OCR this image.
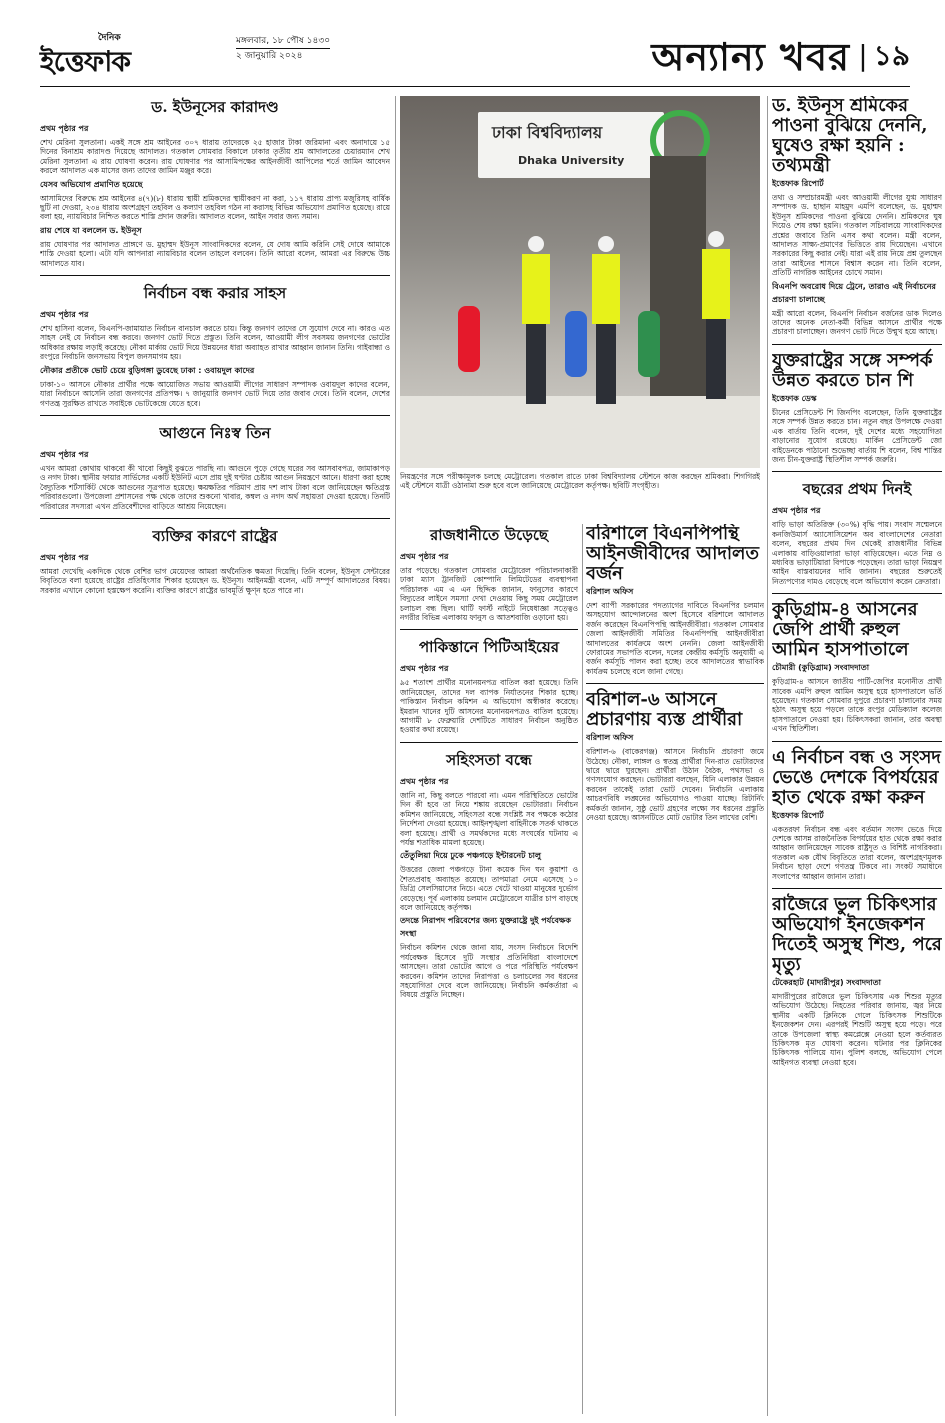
দৈনিক
ইত্তেফাক
মঙ্গলবার, ১৮ পৌষ ১৪৩০
২ জানুয়ারি ২০২৪	অন্যান্য খবর
| ১৯
ড. ইউনূসের কারাদণ্ড
প্রথম পৃষ্ঠার পর

শেখ মেরিনা সুলতানা। একই সঙ্গে শ্রম আইনের ৩০৭ ধারায় তাদেরকে ২৫ হাজার টাকা জরিমানা এবং অনাদায়ে ১৫ দিনের বিনাশ্রম কারাদণ্ড দিয়েছে আদালত। গতকাল সোমবার বিকালে ঢাকার তৃতীয় শ্রম আদালতের চেয়ারম্যান শেখ মেরিনা সুলতানা এ রায় ঘোষণা করেন। রায় ঘোষণার পর আসামিপক্ষের আইনজীবী আপিলের শর্তে জামিন আবেদন করলে আদালত এক মাসের জন্য তাদের জামিন মঞ্জুর করে।

যেসব অভিযোগ প্রমাণিত হয়েছে

আসামিদের বিরুদ্ধে শ্রম আইনের ৪(৭)(৮) ধারায় স্থায়ী শ্রমিকদের স্থায়ীকরণ না করা, ১১৭ ধারায় প্রাপ্য মজুরিসহ বার্ষিক ছুটি না দেওয়া, ২৩৪ ধারায় অংশগ্রহণ তহবিল ও কল্যাণ তহবিল গঠন না করাসহ বিভিন্ন অভিযোগ প্রমাণিত হয়েছে। রায়ে বলা হয়, ন্যায়বিচার নিশ্চিত করতে শাস্তি প্রদান জরুরি। আদালত বলেন, আইন সবার জন্য সমান।

রায় শেষে যা বললেন ড. ইউনূস

রায় ঘোষণার পর আদালত প্রাঙ্গণে ড. মুহাম্মদ ইউনূস সাংবাদিকদের বলেন, যে দোষ আমি করিনি সেই দোষে আমাকে শাস্তি দেওয়া হলো। এটা যদি আপনারা ন্যায়বিচার বলেন তাহলে বলবেন। তিনি আরো বলেন, আমরা এর বিরুদ্ধে উচ্চ আদালতে যাব।

নির্বাচন বন্ধ করার সাহস
প্রথম পৃষ্ঠার পর

শেখ হাসিনা বলেন, বিএনপি-জামায়াত নির্বাচন বানচাল করতে চায়। কিন্তু জনগণ তাদের সে সুযোগ দেবে না। কারও এত সাহস নেই যে নির্বাচন বন্ধ করবে। জনগণ ভোট দিতে প্রস্তুত। তিনি বলেন, আওয়ামী লীগ সবসময় জনগণের ভোটের অধিকার রক্ষায় লড়াই করেছে। নৌকা মার্কায় ভোট দিয়ে উন্নয়নের ধারা অব্যাহত রাখার আহ্বান জানান তিনি। গাইবান্ধা ও রংপুরে নির্বাচনি জনসভায় বিপুল জনসমাগম হয়।

নৌকার প্রতীকে ভোট চেয়ে বুড়িগঙ্গা ডুবেছে ঢাকা : ওবায়দুল কাদের

ঢাকা-১০ আসনে নৌকার প্রার্থীর পক্ষে আয়োজিত সভায় আওয়ামী লীগের সাধারণ সম্পাদক ওবায়দুল কাদের বলেন, যারা নির্বাচনে আসেনি তারা জনগণের প্রতিপক্ষ। ৭ জানুয়ারি জনগণ ভোট দিয়ে তার জবাব দেবে। তিনি বলেন, দেশের গণতন্ত্র সুরক্ষিত রাখতে সবাইকে ভোটকেন্দ্রে যেতে হবে।

আগুনে নিঃস্ব তিন
প্রথম পৃষ্ঠার পর

এখন আমরা কোথায় থাকবো কী খাবো কিছুই বুঝতে পারছি না। আগুনে পুড়ে গেছে ঘরের সব আসবাবপত্র, জামাকাপড় ও নগদ টাকা। স্থানীয় ফায়ার সার্ভিসের একটি ইউনিট এসে প্রায় দুই ঘণ্টার চেষ্টায় আগুন নিয়ন্ত্রণে আনে। ধারণা করা হচ্ছে বৈদ্যুতিক শর্টসার্কিট থেকে আগুনের সূত্রপাত হয়েছে। ক্ষয়ক্ষতির পরিমাণ প্রায় দশ লাখ টাকা বলে জানিয়েছেন ক্ষতিগ্রস্ত পরিবারগুলো। উপজেলা প্রশাসনের পক্ষ থেকে তাদের শুকনো খাবার, কম্বল ও নগদ অর্থ সহায়তা দেওয়া হয়েছে। তিনটি পরিবারের সদস্যরা এখন প্রতিবেশীদের বাড়িতে আশ্রয় নিয়েছেন।

ব্যক্তির কারণে রাষ্ট্রের
প্রথম পৃষ্ঠার পর

আমরা দেখেছি একদিকে থেকে বেশির ভাগ মেয়েদের আমরা অর্থনৈতিক ক্ষমতা দিয়েছি। তিনি বলেন, ইউনূস সেন্টারের বিবৃতিতে বলা হয়েছে রাষ্ট্রের প্রতিহিংসার শিকার হয়েছেন ড. ইউনূস। আইনমন্ত্রী বলেন, এটি সম্পূর্ণ আদালতের বিষয়। সরকার এখানে কোনো হস্তক্ষেপ করেনি। ব্যক্তির কারণে রাষ্ট্রের ভাবমূর্তি ক্ষুণ্ন হতে পারে না।

ঢাকা বিশ্ববিদ্যালয়
Dhaka University
নিয়ন্ত্রণের সঙ্গে পরীক্ষামূলক চলছে মেট্রোরেল। গতকাল রাতে ঢাকা বিশ্ববিদ্যালয় স্টেশনে কাজ করছেন শ্রমিকরা। শিগগিরই এই স্টেশনে যাত্রী ওঠানামা শুরু হবে বলে জানিয়েছে মেট্রোরেল কর্তৃপক্ষ। ছবিটি সংগৃহীত।
রাজধানীতে উড়েছে
প্রথম পৃষ্ঠার পর

তার পড়েছে। গতকাল সোমবার মেট্রোরেল পরিচালনাকারী ঢাকা ম্যাস ট্রানজিট কোম্পানি লিমিটেডের ব্যবস্থাপনা পরিচালক এম এ এন ছিদ্দিক জানান, ফানুসের কারণে বিদ্যুতের লাইনে সমস্যা দেখা দেওয়ায় কিছু সময় মেট্রোরেল চলাচল বন্ধ ছিল। থার্টি ফার্স্ট নাইটে নিষেধাজ্ঞা সত্ত্বেও নগরীর বিভিন্ন এলাকায় ফানুস ও আতশবাজি ওড়ানো হয়।

পাকিস্তানে পিটিআইয়ের
প্রথম পৃষ্ঠার পর

৯৫ শতাংশ প্রার্থীর মনোনয়নপত্র বাতিল করা হয়েছে। তিনি জানিয়েছেন, তাদের দল ব্যাপক নির্যাতনের শিকার হচ্ছে। পাকিস্তান নির্বাচন কমিশন এ অভিযোগ অস্বীকার করেছে। ইমরান খানের দুটি আসনের মনোনয়নপত্রও বাতিল হয়েছে। আগামী ৮ ফেব্রুয়ারি দেশটিতে সাধারণ নির্বাচন অনুষ্ঠিত হওয়ার কথা রয়েছে।

সহিংসতা বন্ধে
প্রথম পৃষ্ঠার পর

জানি না, কিছু বলতে পারবো না। এমন পরিস্থিতিতে ভোটের দিন কী হবে তা নিয়ে শঙ্কায় রয়েছেন ভোটাররা। নির্বাচন কমিশন জানিয়েছে, সহিংসতা বন্ধে সংশ্লিষ্ট সব পক্ষকে কঠোর নির্দেশনা দেওয়া হয়েছে। আইনশৃঙ্খলা বাহিনীকে সতর্ক থাকতে বলা হয়েছে। প্রার্থী ও সমর্থকদের মধ্যে সংঘর্ষের ঘটনায় এ পর্যন্ত শতাধিক মামলা হয়েছে।

তেঁতুলিয়া দিয়ে ঢুকে পঞ্চগড়ে ইন্টারনেট চালু

উত্তরের জেলা পঞ্চগড়ে টানা কয়েক দিন ঘন কুয়াশা ও শৈত্যপ্রবাহ অব্যাহত রয়েছে। তাপমাত্রা নেমে এসেছে ১০ ডিগ্রি সেলসিয়াসের নিচে। এতে খেটে খাওয়া মানুষের দুর্ভোগ বেড়েছে। পূর্ব এলাকায় চলমান মেট্রোরেলে যাত্রীর চাপ বাড়ছে বলে জানিয়েছে কর্তৃপক্ষ।

তদন্তে নিরাপদ পরিবেশের জন্য যুক্তরাষ্ট্রে দুই পর্যবেক্ষক সংস্থা

নির্বাচন কমিশন থেকে জানা যায়, সংসদ নির্বাচনে বিদেশি পর্যবেক্ষক হিসেবে দুটি সংস্থার প্রতিনিধিরা বাংলাদেশে আসছেন। তারা ভোটের আগে ও পরে পরিস্থিতি পর্যবেক্ষণ করবেন। কমিশন তাদের নিরাপত্তা ও চলাচলের সব ধরনের সহযোগিতা দেবে বলে জানিয়েছে। নির্বাচনি কর্মকর্তারা এ বিষয়ে প্রস্তুতি নিচ্ছেন।

বরিশালে বিএনপিপন্থি আইনজীবীদের আদালত বর্জন
বরিশাল অফিস

দেশ ব্যাপী সরকারের পদত্যাগের দাবিতে বিএনপির চলমান অসহযোগ আন্দোলনের অংশ হিসেবে বরিশালে আদালত বর্জন করেছেন বিএনপিপন্থি আইনজীবীরা। গতকাল সোমবার জেলা আইনজীবী সমিতির বিএনপিপন্থি আইনজীবীরা আদালতের কার্যক্রমে অংশ নেননি। জেলা আইনজীবী ফোরামের সভাপতি বলেন, দলের কেন্দ্রীয় কর্মসূচি অনুযায়ী এ বর্জন কর্মসূচি পালন করা হচ্ছে। তবে আদালতের স্বাভাবিক কার্যক্রম চলেছে বলে জানা গেছে।

বরিশাল-৬ আসনে প্রচারণায় ব্যস্ত প্রার্থীরা
বরিশাল অফিস

বরিশাল-৬ (বাকেরগঞ্জ) আসনে নির্বাচনি প্রচারণা জমে উঠেছে। নৌকা, লাঙ্গল ও স্বতন্ত্র প্রার্থীরা দিন-রাত ভোটারদের দ্বারে দ্বারে ঘুরছেন। প্রার্থীরা উঠান বৈঠক, পথসভা ও গণসংযোগ করছেন। ভোটাররা বলছেন, যিনি এলাকার উন্নয়ন করবেন তাকেই তারা ভোট দেবেন। নির্বাচনি এলাকায় আচরণবিধি লঙ্ঘনের অভিযোগও পাওয়া যাচ্ছে। রিটার্নিং কর্মকর্তা জানান, সুষ্ঠু ভোট গ্রহণের লক্ষ্যে সব ধরনের প্রস্তুতি নেওয়া হয়েছে। আসনটিতে মোট ভোটার তিন লাখের বেশি।

ড. ইউনূস শ্রমিকের পাওনা বুঝিয়ে দেননি, ঘুষেও রক্ষা হয়নি : তথ্যমন্ত্রী
ইত্তেফাক রিপোর্ট

তথ্য ও সম্প্রচারমন্ত্রী এবং আওয়ামী লীগের যুগ্ম সাধারণ সম্পাদক ড. হাছান মাহমুদ এমপি বলেছেন, ড. মুহাম্মদ ইউনূস শ্রমিকদের পাওনা বুঝিয়ে দেননি। শ্রমিকদের ঘুষ দিয়েও শেষ রক্ষা হয়নি। গতকাল সচিবালয়ে সাংবাদিকদের প্রশ্নের জবাবে তিনি এসব কথা বলেন। মন্ত্রী বলেন, আদালত সাক্ষ্য-প্রমাণের ভিত্তিতে রায় দিয়েছেন। এখানে সরকারের কিছু করার নেই। যারা এই রায় নিয়ে প্রশ্ন তুলছেন তারা আইনের শাসনে বিশ্বাস করেন না। তিনি বলেন, প্রতিটি নাগরিক আইনের চোখে সমান।

বিএনপি অবরোধ দিয়ে ট্রেনে, তারাও এই নির্বাচনের প্রচারণা চালাচ্ছে

মন্ত্রী আরো বলেন, বিএনপি নির্বাচন বর্জনের ডাক দিলেও তাদের অনেক নেতা-কর্মী বিভিন্ন আসনে প্রার্থীর পক্ষে প্রচারণা চালাচ্ছেন। জনগণ ভোট দিতে উন্মুখ হয়ে আছে।

যুক্তরাষ্ট্রের সঙ্গে সম্পর্ক উন্নত করতে চান শি
ইত্তেফাক ডেস্ক

চীনের প্রেসিডেন্ট শি জিনপিং বলেছেন, তিনি যুক্তরাষ্ট্রের সঙ্গে সম্পর্ক উন্নত করতে চান। নতুন বছর উপলক্ষে দেওয়া এক বার্তায় তিনি বলেন, দুই দেশের মধ্যে সহযোগিতা বাড়ানোর সুযোগ রয়েছে। মার্কিন প্রেসিডেন্ট জো বাইডেনকে পাঠানো শুভেচ্ছা বার্তায় শি বলেন, বিশ্ব শান্তির জন্য চীন-যুক্তরাষ্ট্র স্থিতিশীল সম্পর্ক জরুরি।

বছরের প্রথম দিনই
প্রথম পৃষ্ঠার পর

বাড়ি ভাড়া অতিরিক্ত (৩০%) বৃদ্ধি পায়। সংবাদ সম্মেলনে কনজিউমার্স অ্যাসোসিয়েশন অব বাংলাদেশের নেতারা বলেন, বছরের প্রথম দিন থেকেই রাজধানীর বিভিন্ন এলাকায় বাড়িওয়ালারা ভাড়া বাড়িয়েছেন। এতে নিম্ন ও মধ্যবিত্ত ভাড়াটিয়ারা বিপাকে পড়েছেন। তারা ভাড়া নিয়ন্ত্রণ আইন বাস্তবায়নের দাবি জানান। বছরের শুরুতেই নিত্যপণ্যের দামও বেড়েছে বলে অভিযোগ করেন ক্রেতারা।

কুড়িগ্রাম-৪ আসনের জেপি প্রার্থী রুহুল আমিন হাসপাতালে
চৌমারী (কুড়িগ্রাম) সংবাদদাতা

কুড়িগ্রাম-৪ আসনে জাতীয় পার্টি-জেপির মনোনীত প্রার্থী সাবেক এমপি রুহুল আমিন অসুস্থ হয়ে হাসপাতালে ভর্তি হয়েছেন। গতকাল সোমবার দুপুরে প্রচারণা চালানোর সময় হঠাৎ অসুস্থ হয়ে পড়লে তাকে রংপুর মেডিক্যাল কলেজ হাসপাতালে নেওয়া হয়। চিকিৎসকরা জানান, তার অবস্থা এখন স্থিতিশীল।

এ নির্বাচন বন্ধ ও সংসদ ভেঙে দেশকে বিপর্যয়ের হাত থেকে রক্ষা করুন
ইত্তেফাক রিপোর্ট

একতরফা নির্বাচন বন্ধ এবং বর্তমান সংসদ ভেঙে দিয়ে দেশকে আসন্ন রাজনৈতিক বিপর্যয়ের হাত থেকে রক্ষা করার আহ্বান জানিয়েছেন সাবেক রাষ্ট্রদূত ও বিশিষ্ট নাগরিকরা। গতকাল এক যৌথ বিবৃতিতে তারা বলেন, অংশগ্রহণমূলক নির্বাচন ছাড়া দেশে গণতন্ত্র টিকবে না। সংকট সমাধানে সংলাপের আহ্বান জানান তারা।

রাজৈরে ভুল চিকিৎসার অভিযোগ ইনজেকশন দিতেই অসুস্থ শিশু, পরে মৃত্যু
টেকেরহাট (মাদারীপুর) সংবাদদাতা

মাদারীপুরের রাজৈরে ভুল চিকিৎসায় এক শিশুর মৃত্যুর অভিযোগ উঠেছে। নিহতের পরিবার জানায়, জ্বর নিয়ে স্থানীয় একটি ক্লিনিকে গেলে চিকিৎসক শিশুটিকে ইনজেকশন দেন। এরপরই শিশুটি অসুস্থ হয়ে পড়ে। পরে তাকে উপজেলা স্বাস্থ্য কমপ্লেক্সে নেওয়া হলে কর্তব্যরত চিকিৎসক মৃত ঘোষণা করেন। ঘটনার পর ক্লিনিকের চিকিৎসক পালিয়ে যান। পুলিশ বলছে, অভিযোগ পেলে আইনগত ব্যবস্থা নেওয়া হবে।
